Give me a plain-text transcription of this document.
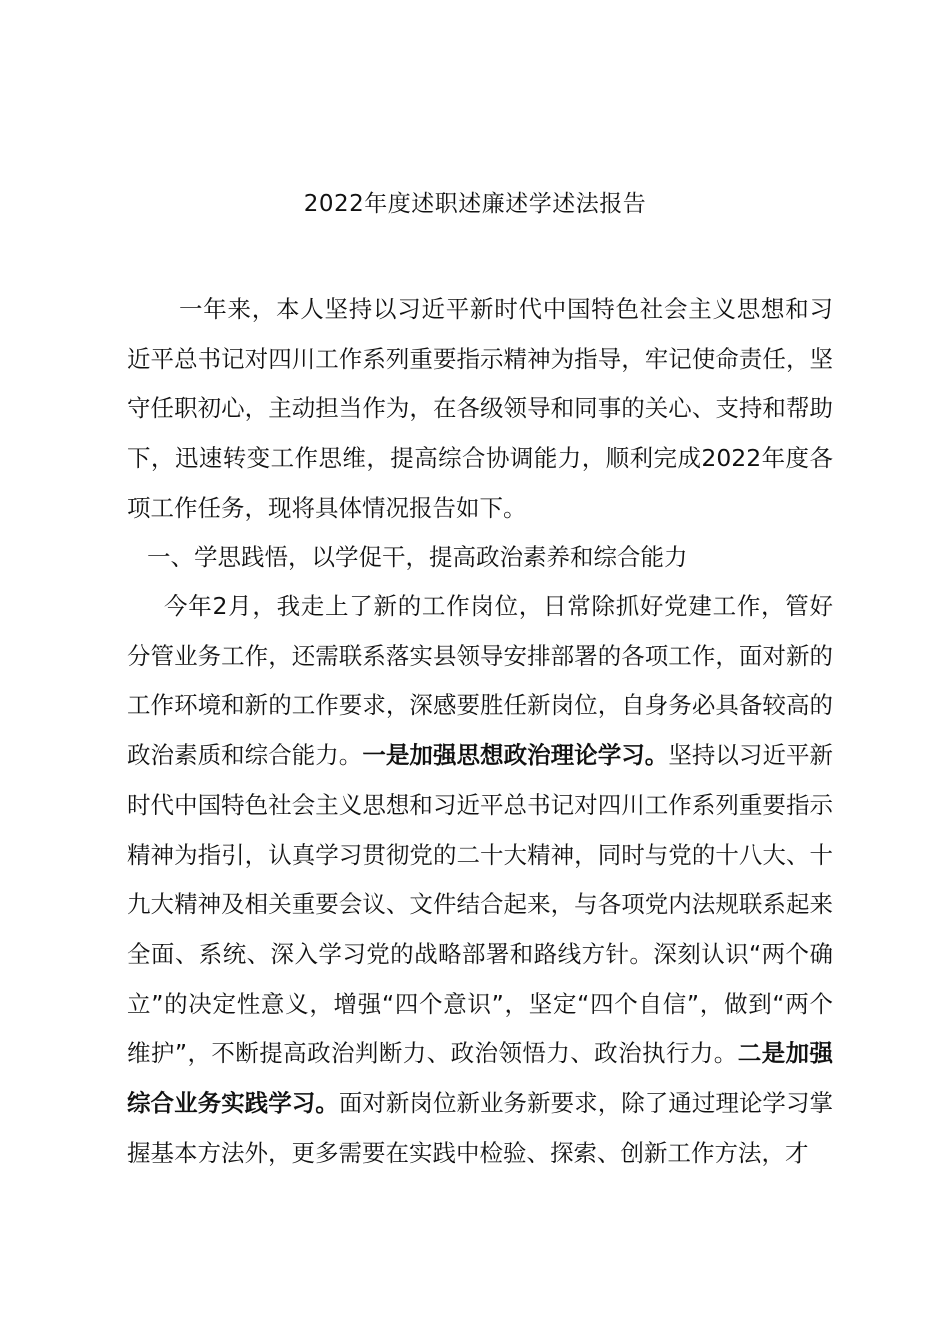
2022年度述职述廉述学述法报告
一年来，本人坚持以习近平新时代中国特色社会主义思想和习近平总书记对四川工作系列重要指示精神为指导，牢记使命责任，坚守任职初心，主动担当作为，在各级领导和同事的关心、支持和帮助下，迅速转变工作思维，提高综合协调能力，顺利完成2022年度各项工作任务，现将具体情况报告如下。
一、学思践悟，以学促干，提高政治素养和综合能力
今年2月，我走上了新的工作岗位，日常除抓好党建工作，管好分管业务工作，还需联系落实县领导安排部署的各项工作，面对新的工作环境和新的工作要求，深感要胜任新岗位，自身务必具备较高的政治素质和综合能力。一是加强思想政治理论学习。坚持以习近平新时代中国特色社会主义思想和习近平总书记对四川工作系列重要指示精神为指引，认真学习贯彻党的二十大精神，同时与党的十八大、十九大精神及相关重要会议、文件结合起来，与各项党内法规联系起来全面、系统、深入学习党的战略部署和路线方针。深刻认识“两个确立”的决定性意义，增强“四个意识”，坚定“四个自信”，做到“两个维护”，不断提高政治判断力、政治领悟力、政治执行力。二是加强综合业务实践学习。面对新岗位新业务新要求，除了通过理论学习掌握基本方法外，更多需要在实践中检验、探索、创新工作方法，才
